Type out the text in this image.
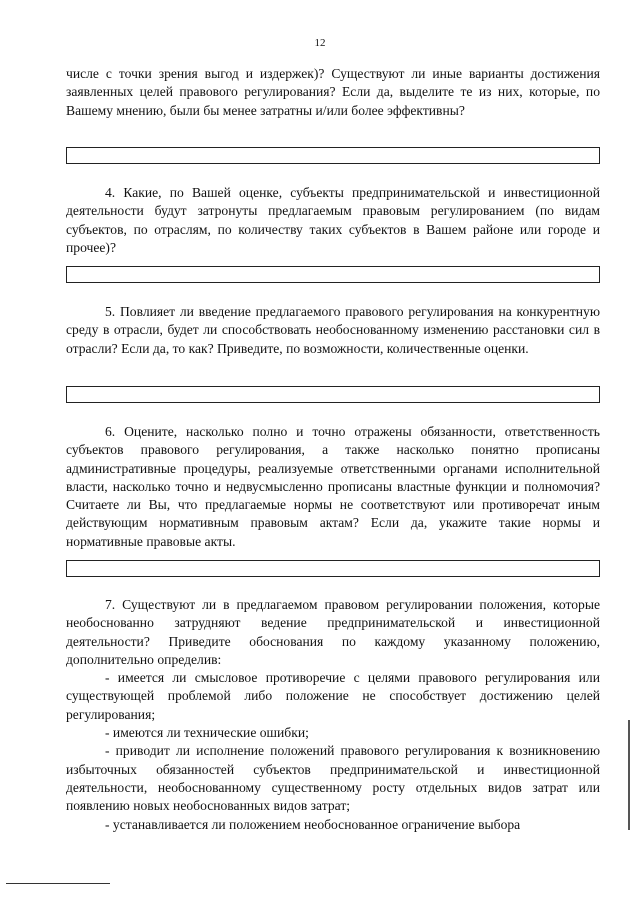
12

числе с точки зрения выгод и издержек)? Существуют ли иные варианты достижения заявленных целей правового регулирования? Если да, выделите те из них, которые, по Вашему мнению, были бы менее затратны и/или более эффективны?

4. Какие, по Вашей оценке, субъекты предпринимательской и инвестиционной деятельности будут затронуты предлагаемым правовым регулированием (по видам субъектов, по отраслям, по количеству таких субъектов в Вашем районе или городе и прочее)?

5. Повлияет ли введение предлагаемого правового регулирования на конкурентную среду в отрасли, будет ли способствовать необоснованному изменению расстановки сил в отрасли? Если да, то как? Приведите, по возможности, количественные оценки.

6. Оцените, насколько полно и точно отражены обязанности, ответственность субъектов правового регулирования, а также насколько понятно прописаны административные процедуры, реализуемые ответственными органами исполнительной власти, насколько точно и недвусмысленно прописаны властные функции и полномочия? Считаете ли Вы, что предлагаемые нормы не соответствуют или противоречат иным действующим нормативным правовым актам? Если да, укажите такие нормы и нормативные правовые акты.

7. Существуют ли в предлагаемом правовом регулировании положения, которые необоснованно затрудняют ведение предпринимательской и инвестиционной деятельности? Приведите обоснования по каждому указанному положению, дополнительно определив:

- имеется ли смысловое противоречие с целями правового регулирования или существующей проблемой либо положение не способствует достижению целей регулирования;

- имеются ли технические ошибки;

- приводит ли исполнение положений правового регулирования к возникновению избыточных обязанностей субъектов предпринимательской и инвестиционной деятельности, необоснованному существенному росту отдельных видов затрат или появлению новых необоснованных видов затрат;

- устанавливается ли положением необоснованное ограничение выбора
